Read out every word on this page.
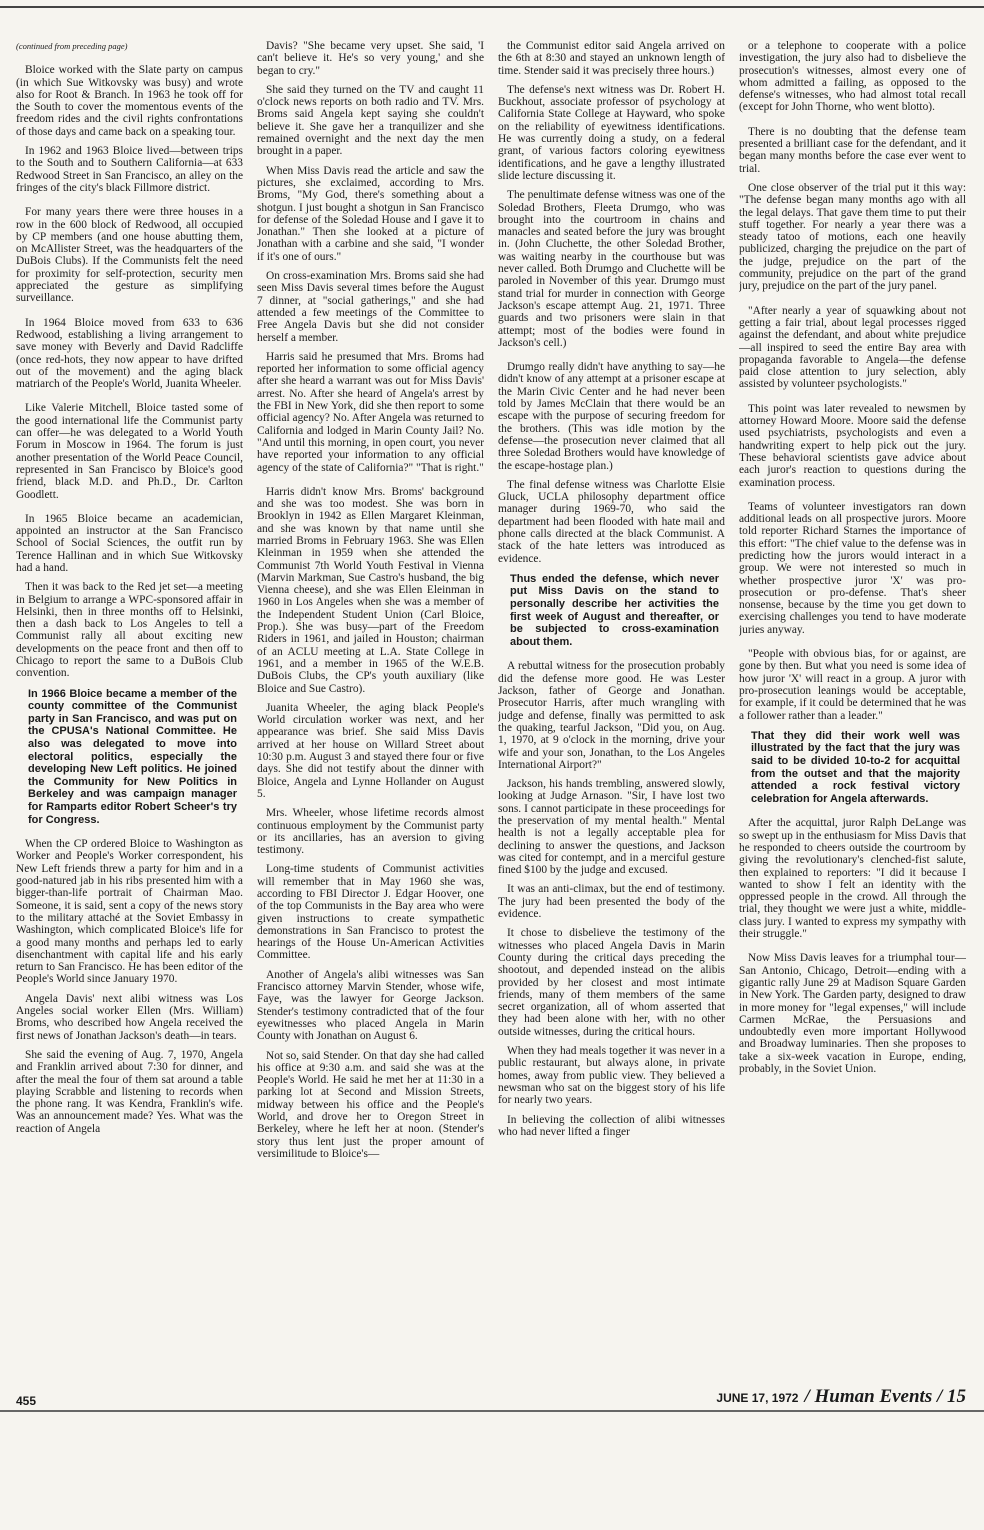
(continued from preceding page)

Bloice worked with the Slate party on campus (in which Sue Witkovsky was busy) and wrote also for Root & Branch. In 1963 he took off for the South to cover the momentous events of the freedom rides and the civil rights confrontations of those days and came back on a speaking tour.

In 1962 and 1963 Bloice lived—between trips to the South and to Southern California—at 633 Redwood Street in San Francisco, an alley on the fringes of the city's black Fillmore district.

For many years there were three houses in a row in the 600 block of Redwood, all occupied by CP members (and one house abutting them, on McAllister Street, was the headquarters of the DuBois Clubs). If the Communists felt the need for proximity for self-protection, security men appreciated the gesture as simplifying surveillance.

In 1964 Bloice moved from 633 to 636 Redwood, establishing a living arrangement to save money with Beverly and David Radcliffe (once red-hots, they now appear to have drifted out of the movement) and the aging black matriarch of the People's World, Juanita Wheeler.

Like Valerie Mitchell, Bloice tasted some of the good international life the Communist party can offer—he was delegated to a World Youth Forum in Moscow in 1964. The forum is just another presentation of the World Peace Council, represented in San Francisco by Bloice's good friend, black M.D. and Ph.D., Dr. Carlton Goodlett.

In 1965 Bloice became an academician, appointed an instructor at the San Francisco School of Social Sciences, the outfit run by Terence Hallinan and in which Sue Witkovsky had a hand.

Then it was back to the Red jet set—a meeting in Belgium to arrange a WPC-sponsored affair in Helsinki, then in three months off to Helsinki, then a dash back to Los Angeles to tell a Communist rally all about exciting new developments on the peace front and then off to Chicago to report the same to a DuBois Club convention.

In 1966 Bloice became a member of the county committee of the Communist party in San Francisco, and was put on the CPUSA's National Committee. He also was delegated to move into electoral politics, especially the developing New Left politics. He joined the Community for New Politics in Berkeley and was campaign manager for Ramparts editor Robert Scheer's try for Congress.

When the CP ordered Bloice to Washington as Worker and People's Worker correspondent, his New Left friends threw a party for him and in a good-natured jab in his ribs presented him with a bigger-than-life portrait of Chairman Mao. Someone, it is said, sent a copy of the news story to the military attaché at the Soviet Embassy in Washington, which complicated Bloice's life for a good many months and perhaps led to early disenchantment with capital life and his early return to San Francisco. He has been editor of the People's World since January 1970.

Angela Davis' next alibi witness was Los Angeles social worker Ellen (Mrs. William) Broms, who described how Angela received the first news of Jonathan Jackson's death—in tears.

She said the evening of Aug. 7, 1970, Angela and Franklin arrived about 7:30 for dinner, and after the meal the four of them sat around a table playing Scrabble and listening to records when the phone rang. It was Kendra, Franklin's wife. Was an announcement made? Yes. What was the reaction of Angela

Davis? "She became very upset. She said, 'I can't believe it. He's so very young,' and she began to cry."

She said they turned on the TV and caught 11 o'clock news reports on both radio and TV. Mrs. Broms said Angela kept saying she couldn't believe it. She gave her a tranquilizer and she remained overnight and the next day the men brought in a paper.

When Miss Davis read the article and saw the pictures, she exclaimed, according to Mrs. Broms, "My God, there's something about a shotgun. I just bought a shotgun in San Francisco for defense of the Soledad House and I gave it to Jonathan." Then she looked at a picture of Jonathan with a carbine and she said, "I wonder if it's one of ours."

On cross-examination Mrs. Broms said she had seen Miss Davis several times before the August 7 dinner, at "social gatherings," and she had attended a few meetings of the Committee to Free Angela Davis but she did not consider herself a member.

Harris said he presumed that Mrs. Broms had reported her information to some official agency after she heard a warrant was out for Miss Davis' arrest. No. After she heard of Angela's arrest by the FBI in New York, did she then report to some official agency? No. After Angela was returned to California and lodged in Marin County Jail? No. "And until this morning, in open court, you never have reported your information to any official agency of the state of California?" "That is right."

Harris didn't know Mrs. Broms' background and she was too modest. She was born in Brooklyn in 1942 as Ellen Margaret Kleinman, and she was known by that name until she married Broms in February 1963. She was Ellen Kleinman in 1959 when she attended the Communist 7th World Youth Festival in Vienna (Marvin Markman, Sue Castro's husband, the big Vienna cheese), and she was Ellen Eleinman in 1960 in Los Angeles when she was a member of the Independent Student Union (Carl Bloice, Prop.). She was busy—part of the Freedom Riders in 1961, and jailed in Houston; chairman of an ACLU meeting at L.A. State College in 1961, and a member in 1965 of the W.E.B. DuBois Clubs, the CP's youth auxiliary (like Bloice and Sue Castro).

Juanita Wheeler, the aging black People's World circulation worker was next, and her appearance was brief. She said Miss Davis arrived at her house on Willard Street about 10:30 p.m. August 3 and stayed there four or five days. She did not testify about the dinner with Bloice, Angela and Lynne Hollander on August 5.

Mrs. Wheeler, whose lifetime records almost continuous employment by the Communist party or its ancillaries, has an aversion to giving testimony.

Long-time students of Communist activities will remember that in May 1960 she was, according to FBI Director J. Edgar Hoover, one of the top Communists in the Bay area who were given instructions to create sympathetic demonstrations in San Francisco to protest the hearings of the House Un-American Activities Committee.

Another of Angela's alibi witnesses was San Francisco attorney Marvin Stender, whose wife, Faye, was the lawyer for George Jackson. Stender's testimony contradicted that of the four eyewitnesses who placed Angela in Marin County with Jonathan on August 6.

Not so, said Stender. On that day she had called his office at 9:30 a.m. and said she was at the People's World. He said he met her at 11:30 in a parking lot at Second and Mission Streets, midway between his office and the People's World, and drove her to Oregon Street in Berkeley, where he left her at noon. (Stender's story thus lent just the proper amount of versimilitude to Bloice's—

the Communist editor said Angela arrived on the 6th at 8:30 and stayed an unknown length of time. Stender said it was precisely three hours.)

The defense's next witness was Dr. Robert H. Buckhout, associate professor of psychology at California State College at Hayward, who spoke on the reliability of eyewitness identifications. He was currently doing a study, on a federal grant, of various factors coloring eyewitness identifications, and he gave a lengthy illustrated slide lecture discussing it.

The penultimate defense witness was one of the Soledad Brothers, Fleeta Drumgo, who was brought into the courtroom in chains and manacles and seated before the jury was brought in. (John Cluchette, the other Soledad Brother, was waiting nearby in the courthouse but was never called. Both Drumgo and Cluchette will be paroled in November of this year. Drumgo must stand trial for murder in connection with George Jackson's escape attempt Aug. 21, 1971. Three guards and two prisoners were slain in that attempt; most of the bodies were found in Jackson's cell.)

Drumgo really didn't have anything to say—he didn't know of any attempt at a prisoner escape at the Marin Civic Center and he had never been told by James McClain that there would be an escape with the purpose of securing freedom for the brothers. (This was idle motion by the defense—the prosecution never claimed that all three Soledad Brothers would have knowledge of the escape-hostage plan.)

The final defense witness was Charlotte Elsie Gluck, UCLA philosophy department office manager during 1969-70, who said the department had been flooded with hate mail and phone calls directed at the black Communist. A stack of the hate letters was introduced as evidence.

Thus ended the defense, which never put Miss Davis on the stand to personally describe her activities the first week of August and thereafter, or be subjected to cross-examination about them.

A rebuttal witness for the prosecution probably did the defense more good. He was Lester Jackson, father of George and Jonathan. Prosecutor Harris, after much wrangling with judge and defense, finally was permitted to ask the quaking, tearful Jackson, "Did you, on Aug. 1, 1970, at 9 o'clock in the morning, drive your wife and your son, Jonathan, to the Los Angeles International Airport?"

Jackson, his hands trembling, answered slowly, looking at Judge Arnason. "Sir, I have lost two sons. I cannot participate in these proceedings for the preservation of my mental health." Mental health is not a legally acceptable plea for declining to answer the questions, and Jackson was cited for contempt, and in a merciful gesture fined $100 by the judge and excused.

It was an anti-climax, but the end of testimony. The jury had been presented the body of the evidence.

It chose to disbelieve the testimony of the witnesses who placed Angela Davis in Marin County during the critical days preceding the shootout, and depended instead on the alibis provided by her closest and most intimate friends, many of them members of the same secret organization, all of whom asserted that they had been alone with her, with no other outside witnesses, during the critical hours.

When they had meals together it was never in a public restaurant, but always alone, in private homes, away from public view. They believed a newsman who sat on the biggest story of his life for nearly two years.

In believing the collection of alibi witnesses who had never lifted a finger

or a telephone to cooperate with a police investigation, the jury also had to disbelieve the prosecution's witnesses, almost every one of whom admitted a failing, as opposed to the defense's witnesses, who had almost total recall (except for John Thorne, who went blotto).

There is no doubting that the defense team presented a brilliant case for the defendant, and it began many months before the case ever went to trial.

One close observer of the trial put it this way: "The defense began many months ago with all the legal delays. That gave them time to put their stuff together. For nearly a year there was a steady tatoo of motions, each one heavily publicized, charging the prejudice on the part of the judge, prejudice on the part of the community, prejudice on the part of the grand jury, prejudice on the part of the jury panel.

"After nearly a year of squawking about not getting a fair trial, about legal processes rigged against the defendant, and about white prejudice—all inspired to seed the entire Bay area with propaganda favorable to Angela—the defense paid close attention to jury selection, ably assisted by volunteer psychologists."

This point was later revealed to newsmen by attorney Howard Moore. Moore said the defense used psychiatrists, psychologists and even a handwriting expert to help pick out the jury. These behavioral scientists gave advice about each juror's reaction to questions during the examination process.

Teams of volunteer investigators ran down additional leads on all prospective jurors. Moore told reporter Richard Starnes the importance of this effort: "The chief value to the defense was in predicting how the jurors would interact in a group. We were not interested so much in whether prospective juror 'X' was pro-prosecution or pro-defense. That's sheer nonsense, because by the time you get down to exercising challenges you tend to have moderate juries anyway.

"People with obvious bias, for or against, are gone by then. But what you need is some idea of how juror 'X' will react in a group. A juror with pro-prosecution leanings would be acceptable, for example, if it could be determined that he was a follower rather than a leader."

That they did their work well was illustrated by the fact that the jury was said to be divided 10-to-2 for acquittal from the outset and that the majority attended a rock festival victory celebration for Angela afterwards.

After the acquittal, juror Ralph DeLange was so swept up in the enthusiasm for Miss Davis that he responded to cheers outside the courtroom by giving the revolutionary's clenched-fist salute, then explained to reporters: "I did it because I wanted to show I felt an identity with the oppressed people in the crowd. All through the trial, they thought we were just a white, middle-class jury. I wanted to express my sympathy with their struggle."

Now Miss Davis leaves for a triumphal tour—San Antonio, Chicago, Detroit—ending with a gigantic rally June 29 at Madison Square Garden in New York. The Garden party, designed to draw in more money for "legal expenses," will include Carmen McRae, the Persuasions and undoubtedly even more important Hollywood and Broadway luminaries. Then she proposes to take a six-week vacation in Europe, ending, probably, in the Soviet Union.

455	JUNE 17, 1972 / Human Events / 15
